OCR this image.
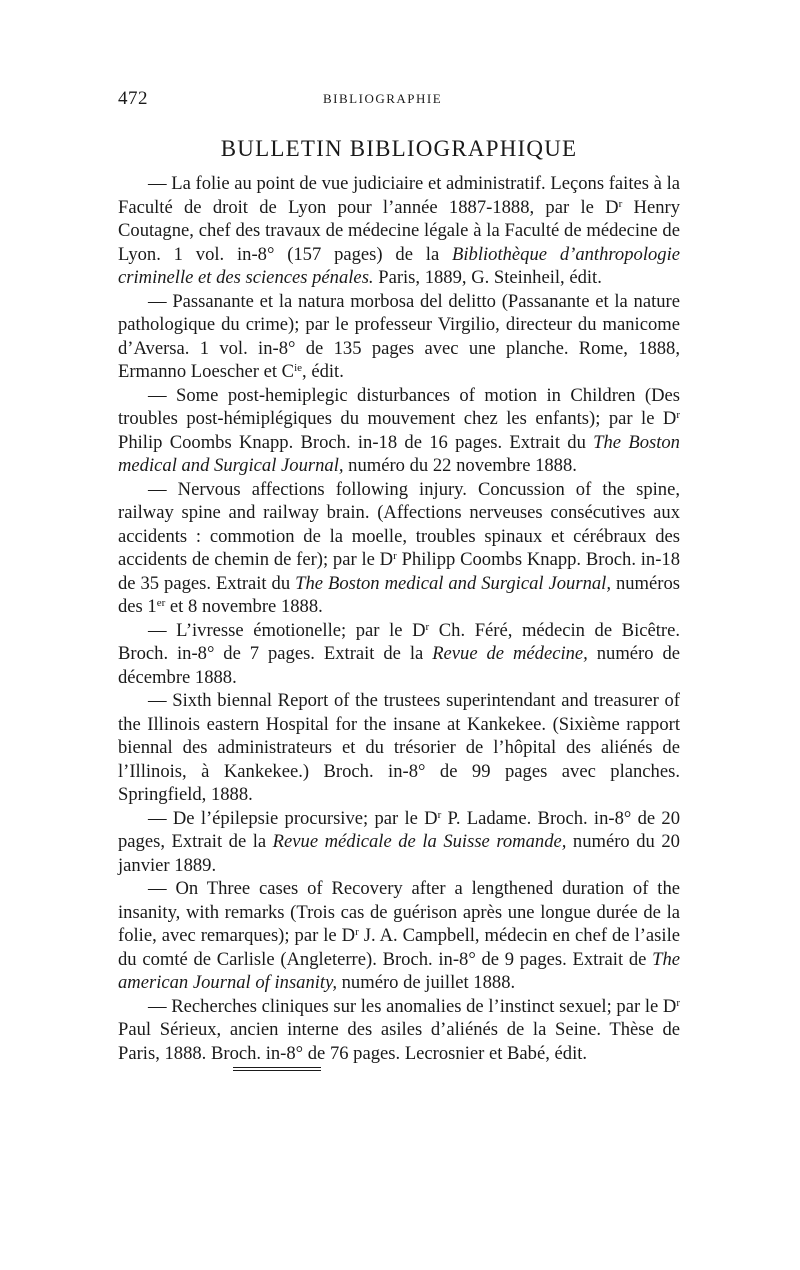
472	BIBLIOGRAPHIE
BULLETIN BIBLIOGRAPHIQUE

— La folie au point de vue judiciaire et administratif. Leçons faites à la Faculté de droit de Lyon pour l’année 1887-1888, par le $D^r$ Henry Coutagne, chef des travaux de médecine légale à la Faculté de médecine de Lyon. 1 vol. in-8° (157 pages) de la Bibliothèque d’anthropologie criminelle et des sciences pénales. Paris, 1889, G. Steinheil, édit.

— Passanante et la natura morbosa del delitto (Passanante et la nature pathologique du crime); par le professeur Virgilio, directeur du manicome d’Aversa. 1 vol. in-8° de 135 pages avec une planche. Rome, 1888, Ermanno Loescher et $C^{ie}$, édit.

— Some post-hemiplegic disturbances of motion in Children (Des troubles post-hémiplégiques du mouvement chez les enfants); par le $D^r$ Philip Coombs Knapp. Broch. in-18 de 16 pages. Extrait du The Boston medical and Surgical Journal, numéro du 22 novembre 1888.

— Nervous affections following injury. Concussion of the spine, railway spine and railway brain. (Affections nerveuses consécutives aux accidents : commotion de la moelle, troubles spinaux et cérébraux des accidents de chemin de fer); par le $D^r$ Philipp Coombs Knapp. Broch. in-18 de 35 pages. Extrait du The Boston medical and Surgical Journal, numéros des 1er et 8 novembre 1888.

— L’ivresse émotionelle; par le $D^r$ Ch. Féré, médecin de Bicêtre. Broch. in-8° de 7 pages. Extrait de la Revue de médecine, numéro de décembre 1888.

— Sixth biennal Report of the trustees superintendant and treasurer of the Illinois eastern Hospital for the insane at Kankekee. (Sixième rapport biennal des administrateurs et du trésorier de l’hôpital des aliénés de l’Illinois, à Kankekee.) Broch. in-8° de 99 pages avec planches. Springfield, 1888.

— De l’épilepsie procursive; par le $D^r$ P. Ladame. Broch. in-8° de 20 pages, Extrait de la Revue médicale de la Suisse romande, numéro du 20 janvier 1889.

— On Three cases of Recovery after a lengthened duration of the insanity, with remarks (Trois cas de guérison après une longue durée de la folie, avec remarques); par le $D^r$ J. A. Campbell, médecin en chef de l’asile du comté de Carlisle (Angleterre). Broch. in-8° de 9 pages. Extrait de The american Journal of insanity, numéro de juillet 1888.

— Recherches cliniques sur les anomalies de l’instinct sexuel; par le $D^r$ Paul Sérieux, ancien interne des asiles d’aliénés de la Seine. Thèse de Paris, 1888. Broch. in-8° de 76 pages. Lecrosnier et Babé, édit.
